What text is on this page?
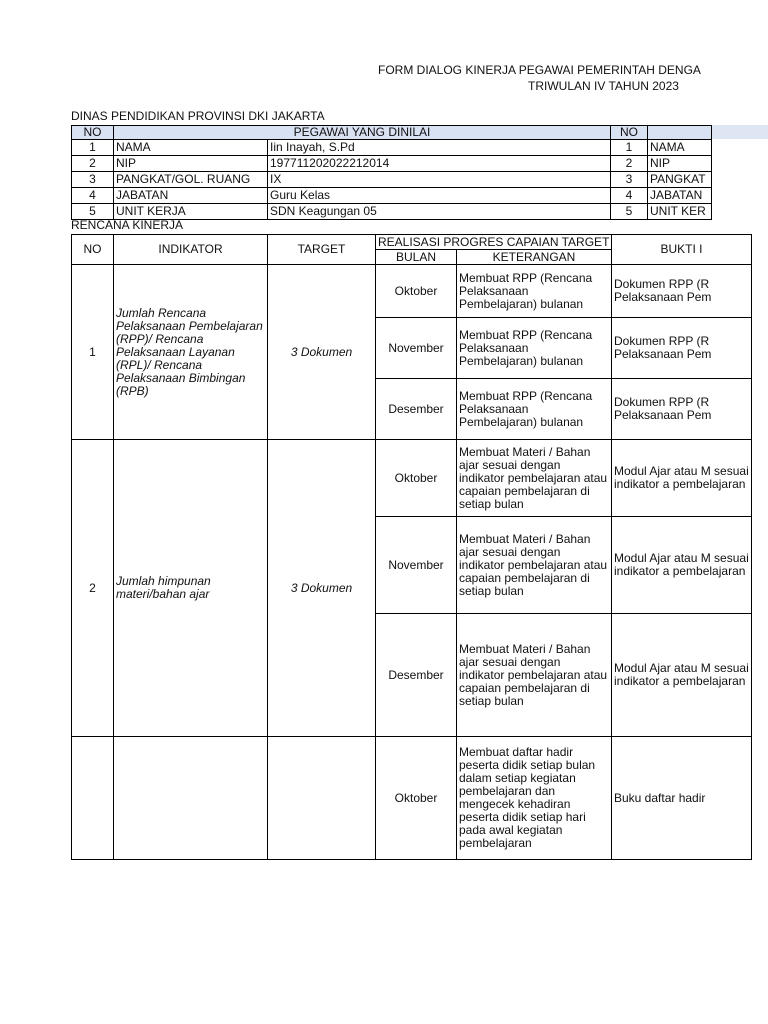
FORM DIALOG KINERJA PEGAWAI PEMERINTAH DENGA
TRIWULAN IV TAHUN 2023
DINAS PENDIDIKAN PROVINSI DKI JAKARTA
NO	PEGAWAI YANG DINILAI		NO	
1	NAMA	Iin Inayah, S.Pd	1	NAMA
2	NIP	197711202022212014	2	NIP
3	PANGKAT/GOL. RUANG	IX	3	PANGKAT
4	JABATAN	Guru Kelas	4	JABATAN
5	UNIT KERJA	SDN Keagungan 05	5	UNIT KER
RENCANA KINERJA
NO	INDIKATOR	TARGET	REALISASI PROGRES CAPAIAN TARGET		BUKTI I
			BULAN	KETERANGAN	
1	Jumlah Rencana Pelaksanaan Pembelajaran (RPP)/ Rencana Pelaksanaan Layanan (RPL)/ Rencana Pelaksanaan Bimbingan (RPB)	3 Dokumen	Oktober	Membuat RPP (Rencana Pelaksanaan Pembelajaran) bulanan	Dokumen RPP (R Pelaksanaan Pem
			November	Membuat RPP (Rencana Pelaksanaan Pembelajaran) bulanan	Dokumen RPP (R Pelaksanaan Pem
			Desember	Membuat RPP (Rencana Pelaksanaan Pembelajaran) bulanan	Dokumen RPP (R Pelaksanaan Pem
2	Jumlah himpunan materi/bahan ajar	3 Dokumen	Oktober	Membuat Materi / Bahan ajar sesuai dengan indikator pembelajaran atau capaian pembelajaran di setiap bulan	Modul Ajar atau M sesuai indikator a pembelajaran
			November	Membuat Materi / Bahan ajar sesuai dengan indikator pembelajaran atau capaian pembelajaran di setiap bulan	Modul Ajar atau M sesuai indikator a pembelajaran
			Desember	Membuat Materi / Bahan ajar sesuai dengan indikator pembelajaran atau capaian pembelajaran di setiap bulan	Modul Ajar atau M sesuai indikator a pembelajaran
			Oktober	Membuat daftar hadir peserta didik setiap bulan dalam setiap kegiatan pembelajaran dan mengecek kehadiran peserta didik setiap hari pada awal kegiatan pembelajaran	Buku daftar hadir
